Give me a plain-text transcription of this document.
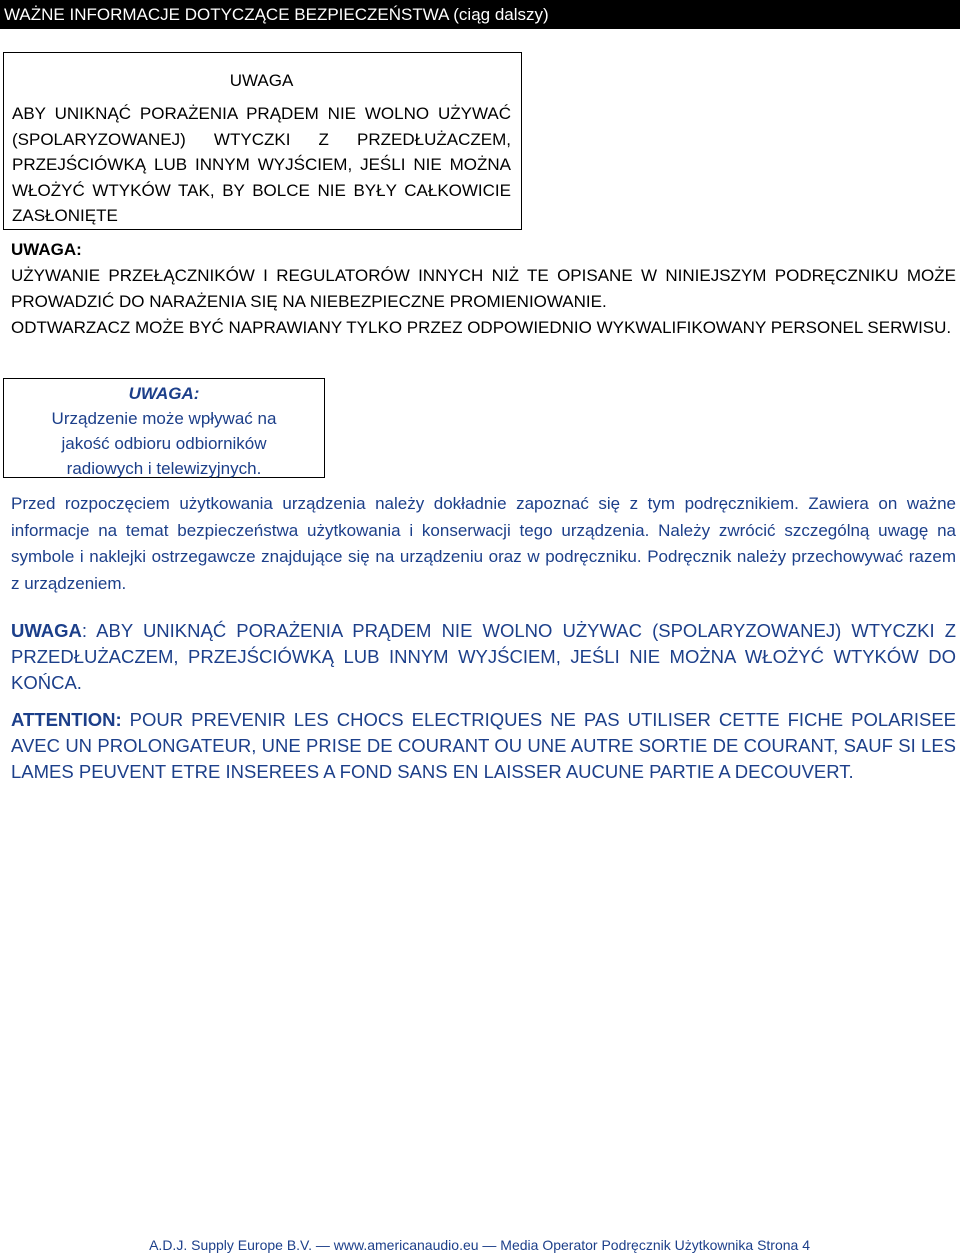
WAŻNE INFORMACJE DOTYCZĄCE BEZPIECZEŃSTWA (ciąg dalszy)
UWAGA
ABY UNIKNĄĆ PORAŻENIA PRĄDEM NIE WOLNO UŻYWAĆ (SPOLARYZOWANEJ) WTYCZKI Z PRZEDŁUŻACZEM, PRZEJŚCIÓWKĄ LUB INNYM WYJŚCIEM, JEŚLI NIE MOŻNA WŁOŻYĆ WTYKÓW TAK, BY BOLCE NIE BYŁY CAŁKOWICIE ZASŁONIĘTE
UWAGA:
UŻYWANIE PRZEŁĄCZNIKÓW I REGULATORÓW INNYCH NIŻ TE OPISANE W NINIEJSZYM PODRĘCZNIKU MOŻE PROWADZIĆ DO NARAŻENIA SIĘ NA NIEBEZPIECZNE PROMIENIOWANIE.
ODTWARZACZ MOŻE BYĆ NAPRAWIANY TYLKO PRZEZ ODPOWIEDNIO WYKWALIFIKOWANY PERSONEL SERWISU.
UWAGA:
Urządzenie może wpływać na
jakość odbioru odbiorników
radiowych i telewizyjnych.
Przed rozpoczęciem użytkowania urządzenia należy dokładnie zapoznać się z tym podręcznikiem. Zawiera on ważne informacje na temat bezpieczeństwa użytkowania i konserwacji tego urządzenia. Należy zwrócić szczególną uwagę na symbole i naklejki ostrzegawcze znajdujące się na urządzeniu oraz w podręczniku. Podręcznik należy przechowywać razem z urządzeniem.
UWAGA: ABY UNIKNĄĆ PORAŻENIA PRĄDEM NIE WOLNO UŻYWAC (SPOLARYZOWANEJ) WTYCZKI Z PRZEDŁUŻACZEM, PRZEJŚCIÓWKĄ LUB INNYM WYJŚCIEM, JEŚLI NIE MOŻNA WŁOŻYĆ WTYKÓW DO KOŃCA.
ATTENTION: POUR PREVENIR LES CHOCS ELECTRIQUES NE PAS UTILISER CETTE FICHE POLARISEE AVEC UN PROLONGATEUR, UNE PRISE DE COURANT OU UNE AUTRE SORTIE DE COURANT, SAUF SI LES LAMES PEUVENT ETRE INSEREES A FOND SANS EN LAISSER AUCUNE PARTIE A DECOUVERT.
A.D.J. Supply Europe B.V. — www.americanaudio.eu — Media Operator Podręcznik Użytkownika Strona 4
